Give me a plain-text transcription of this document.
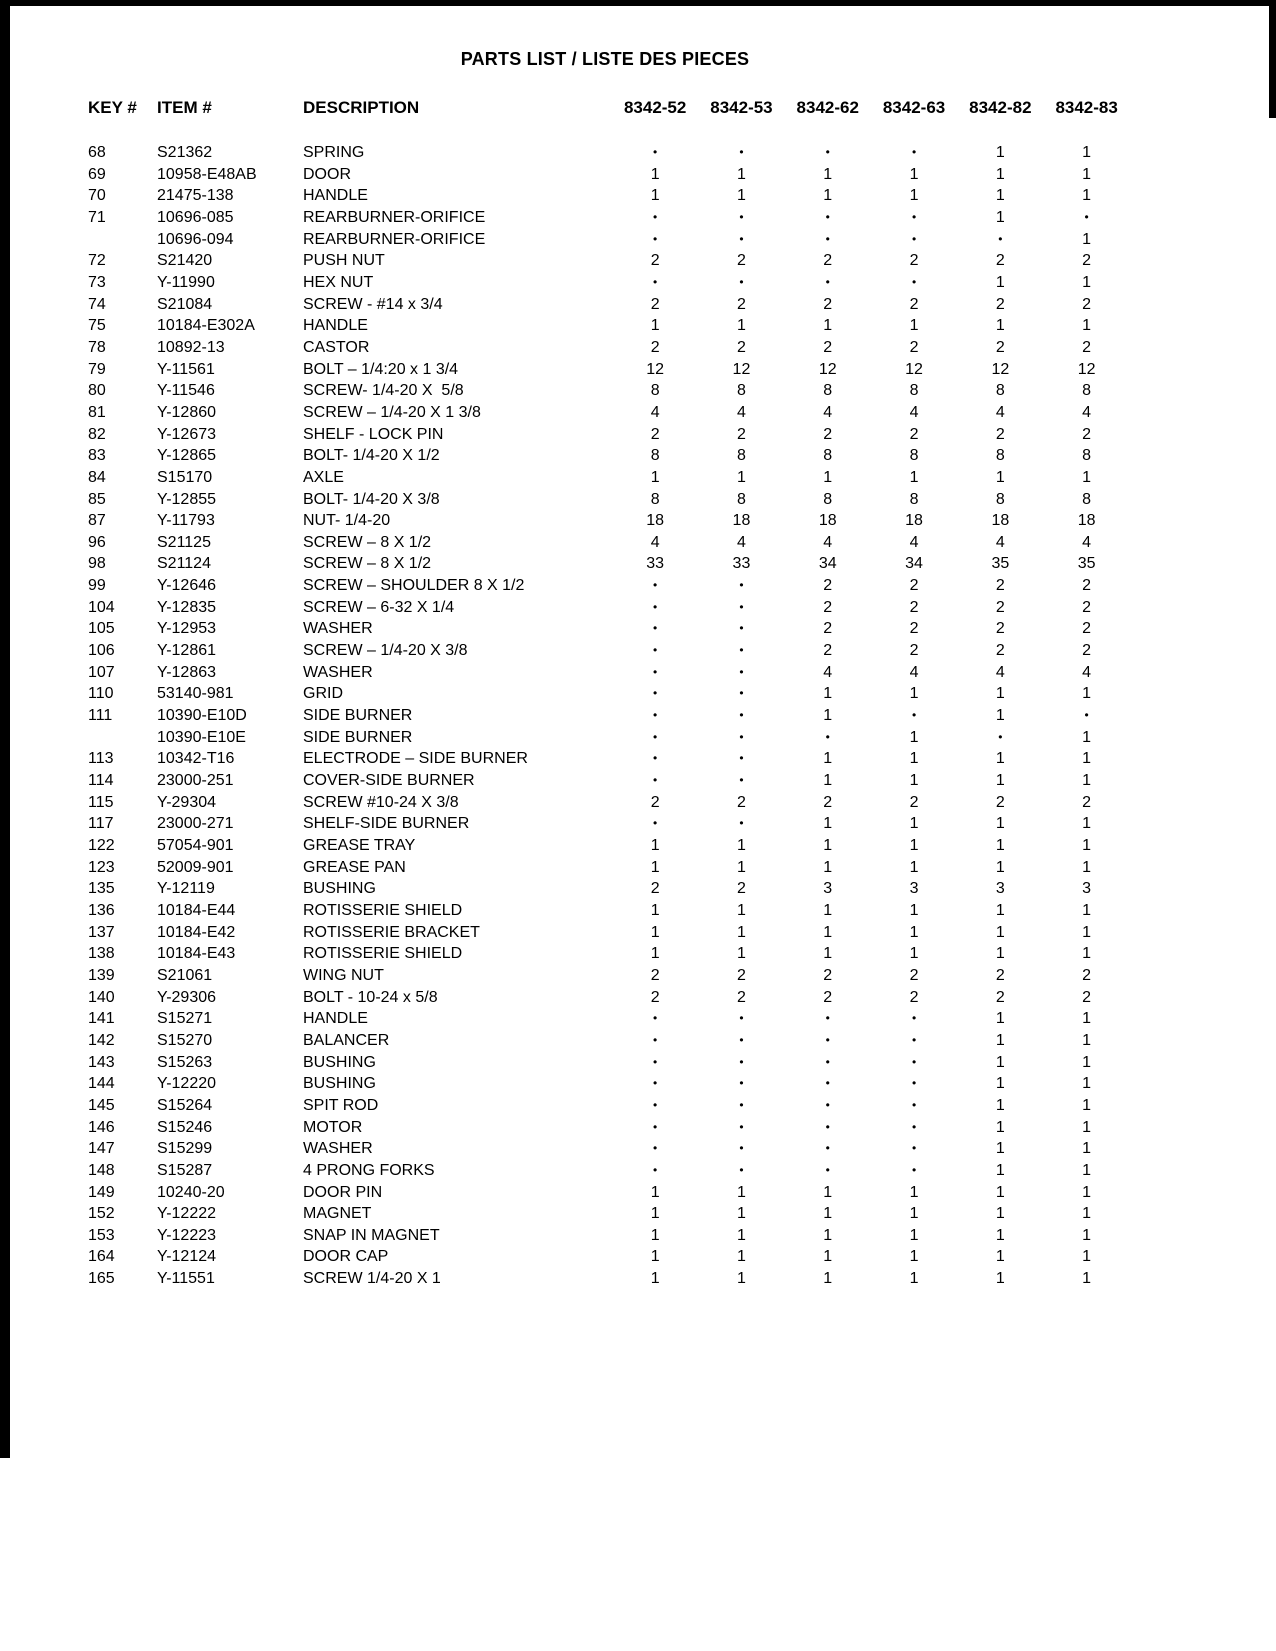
PARTS LIST / LISTE DES PIECES
KEY #	ITEM #	DESCRIPTION	8342-52	8342-53	8342-62	8342-63	8342-82	8342-83
68	S21362	SPRING	•	•	•	•	1	1
69	10958-E48AB	DOOR	1	1	1	1	1	1
70	21475-138	HANDLE	1	1	1	1	1	1
71	10696-085	REARBURNER-ORIFICE	•	•	•	•	1	•
10696-094	REARBURNER-ORIFICE	•	•	•	•	•	1
72	S21420	PUSH NUT	2	2	2	2	2	2
73	Y-11990	HEX NUT	•	•	•	•	1	1
74	S21084	SCREW - #14 x 3/4	2	2	2	2	2	2
75	10184-E302A	HANDLE	1	1	1	1	1	1
78	10892-13	CASTOR	2	2	2	2	2	2
79	Y-11561	BOLT – 1/4:20 x 1 3/4	12	12	12	12	12	12
80	Y-11546	SCREW- 1/4-20 X  5/8	8	8	8	8	8	8
81	Y-12860	SCREW – 1/4-20 X 1 3/8	4	4	4	4	4	4
82	Y-12673	SHELF - LOCK PIN	2	2	2	2	2	2
83	Y-12865	BOLT- 1/4-20 X 1/2	8	8	8	8	8	8
84	S15170	AXLE	1	1	1	1	1	1
85	Y-12855	BOLT- 1/4-20 X 3/8	8	8	8	8	8	8
87	Y-11793	NUT- 1/4-20	18	18	18	18	18	18
96	S21125	SCREW – 8 X 1/2	4	4	4	4	4	4
98	S21124	SCREW – 8 X 1/2	33	33	34	34	35	35
99	Y-12646	SCREW – SHOULDER 8 X 1/2	•	•	2	2	2	2
104	Y-12835	SCREW – 6-32 X 1/4	•	•	2	2	2	2
105	Y-12953	WASHER	•	•	2	2	2	2
106	Y-12861	SCREW – 1/4-20 X 3/8	•	•	2	2	2	2
107	Y-12863	WASHER	•	•	4	4	4	4
110	53140-981	GRID	•	•	1	1	1	1
111	10390-E10D	SIDE BURNER	•	•	1	•	1	•
10390-E10E	SIDE BURNER	•	•	•	1	•	1
113	10342-T16	ELECTRODE – SIDE BURNER	•	•	1	1	1	1
114	23000-251	COVER-SIDE BURNER	•	•	1	1	1	1
115	Y-29304	SCREW #10-24 X 3/8	2	2	2	2	2	2
117	23000-271	SHELF-SIDE BURNER	•	•	1	1	1	1
122	57054-901	GREASE TRAY	1	1	1	1	1	1
123	52009-901	GREASE PAN	1	1	1	1	1	1
135	Y-12119	BUSHING	2	2	3	3	3	3
136	10184-E44	ROTISSERIE SHIELD	1	1	1	1	1	1
137	10184-E42	ROTISSERIE BRACKET	1	1	1	1	1	1
138	10184-E43	ROTISSERIE SHIELD	1	1	1	1	1	1
139	S21061	WING NUT	2	2	2	2	2	2
140	Y-29306	BOLT - 10-24 x 5/8	2	2	2	2	2	2
141	S15271	HANDLE	•	•	•	•	1	1
142	S15270	BALANCER	•	•	•	•	1	1
143	S15263	BUSHING	•	•	•	•	1	1
144	Y-12220	BUSHING	•	•	•	•	1	1
145	S15264	SPIT ROD	•	•	•	•	1	1
146	S15246	MOTOR	•	•	•	•	1	1
147	S15299	WASHER	•	•	•	•	1	1
148	S15287	4 PRONG FORKS	•	•	•	•	1	1
149	10240-20	DOOR PIN	1	1	1	1	1	1
152	Y-12222	MAGNET	1	1	1	1	1	1
153	Y-12223	SNAP IN MAGNET	1	1	1	1	1	1
164	Y-12124	DOOR CAP	1	1	1	1	1	1
165	Y-11551	SCREW 1/4-20 X 1	1	1	1	1	1	1
